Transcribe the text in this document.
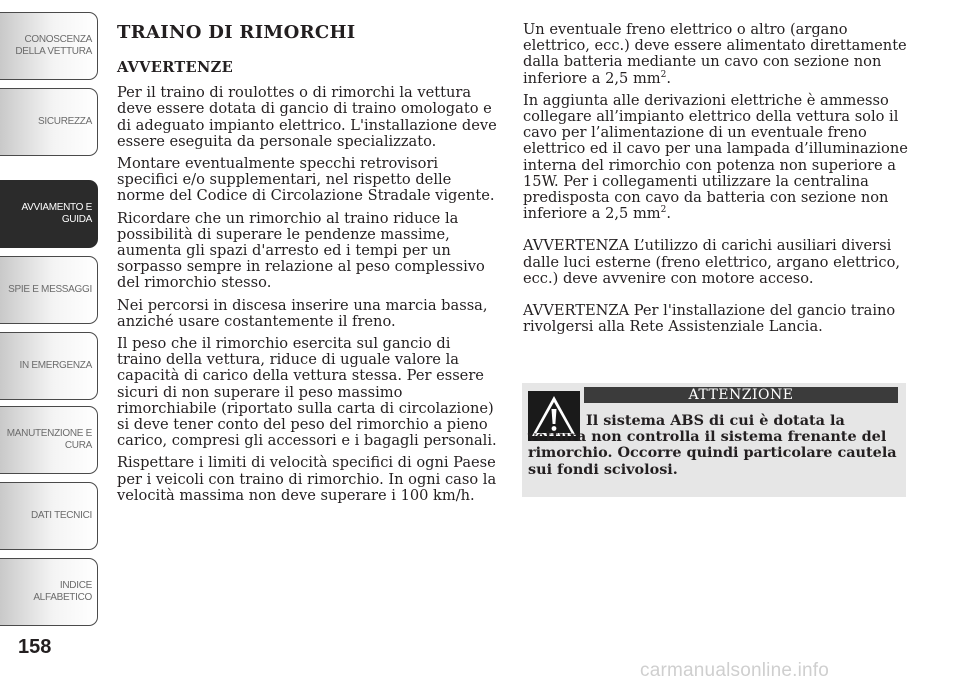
CONOSCENZA
DELLA VETTURA
SICUREZZA
AVVIAMENTO E
GUIDA
SPIE E MESSAGGI
IN EMERGENZA
MANUTENZIONE E
CURA
DATI TECNICI
INDICE
ALFABETICO
158
TRAINO DI RIMORCHI
AVVERTENZE

Per il traino di roulottes o di rimorchi la vettura deve essere dotata di gancio di traino omologato e di adeguato impianto elettrico. L'installazione deve essere eseguita da personale specializzato.

Montare eventualmente specchi retrovisori specifici e/o supplementari, nel rispetto delle norme del Codice di Circolazione Stradale vigente.

Ricordare che un rimorchio al traino riduce la possibilità di superare le pendenze massime, aumenta gli spazi d'arresto ed i tempi per un sorpasso sempre in relazione al peso complessivo del rimorchio stesso.

Nei percorsi in discesa inserire una marcia bassa, anziché usare costantemente il freno.

Il peso che il rimorchio esercita sul gancio di traino della vettura, riduce di uguale valore la capacità di carico della vettura stessa. Per essere sicuri di non superare il peso massimo rimorchiabile (riportato sulla carta di circolazione) si deve tener conto del peso del rimorchio a pieno carico, compresi gli accessori e i bagagli personali.

Rispettare i limiti di velocità specifici di ogni Paese per i veicoli con traino di rimorchio. In ogni caso la velocità massima non deve superare i 100 km/h.

Un eventuale freno elettrico o altro (argano elettrico, ecc.) deve essere alimentato direttamente dalla batteria mediante un cavo con sezione non inferiore a 2,5 $mm^2$.

In aggiunta alle derivazioni elettriche è ammesso collegare all’impianto elettrico della vettura solo il cavo per l’alimentazione di un eventuale freno elettrico ed il cavo per una lampada d’illuminazione interna del rimorchio con potenza non superiore a 15W. Per i collegamenti utilizzare la centralina predisposta con cavo da batteria con sezione non inferiore a 2,5 $mm^2$.

AVVERTENZA L’utilizzo di carichi ausiliari diversi dalle luci esterne (freno elettrico, argano elettrico, ecc.) deve avvenire con motore acceso.

AVVERTENZA Per l'installazione del gancio traino rivolgersi alla Rete Assistenziale Lancia.

ATTENZIONE
Il sistema ABS di cui è dotata la
vettura non controlla il sistema frenante del rimorchio. Occorre quindi particolare cautela sui fondi scivolosi.
carmanualsonline.info
